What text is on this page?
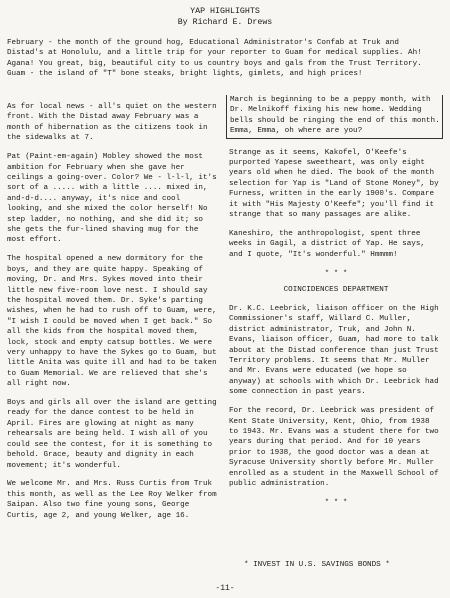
YAP HIGHLIGHTS
By Richard E. Drews
February - the month of the ground hog, Educational Administrator's Confab at Truk and Distad's at Honolulu, and a little trip for your reporter to Guam for medical supplies. Ah! Agana! You great, big, beautiful city to us country boys and gals from the Trust Territory. Guam - the island of "T" bone steaks, bright lights, gimlets, and high prices!

As for local news - all's quiet on the western front. With the Distad away February was a month of hibernation as the citizens took in the sidewalks at 7.

Pat (Paint-em-again) Mobley showed the most ambition for February when she gave her ceilings a going-over. Color? We - l-l-l, it's sort of a ..... with a little .... mixed in, and-d-d.... anyway, it's nice and cool looking, and she mixed the color herself! No step ladder, no nothing, and she did it; so she gets the fur-lined shaving mug for the most effort.

The hospital opened a new dormitory for the boys, and they are quite happy. Speaking of moving, Dr. and Mrs. Sykes moved into their little new five-room love nest. I should say the hospital moved them. Dr. Syke's parting wishes, when he had to rush off to Guam, were, "I wish I could be moved when I get back." So all the kids from the hospital moved them, lock, stock and empty catsup bottles. We were very unhappy to have the Sykes go to Guam, but little Anita was quite ill and had to be taken to Guam Memorial. We are relieved that she's all right now.

Boys and girls all over the island are getting ready for the dance contest to be held in April. Fires are glowing at night as many rehearsals are being held. I wish all of you could see the contest, for it is something to behold. Grace, beauty and dignity in each movement; it's wonderful.

We welcome Mr. and Mrs. Russ Curtis from Truk this month, as well as the Lee Roy Welker from Saipan. Also two fine young sons, George Curtis, age 2, and young Welker, age 16.

March is beginning to be a peppy month, with Dr. Melnikoff fixing his new home. Wedding bells should be ringing the end of this month. Emma, Emma, oh where are you?

Strange as it seems, Kakofel, O'Keefe's purported Yapese sweetheart, was only eight years old when he died. The book of the month selection for Yap is "Land of Stone Money", by Furness, written in the early 1900's. Compare it with "His Majesty O'Keefe"; you'll find it strange that so many passages are alike.

Kaneshiro, the anthropologist, spent three weeks in Gagil, a district of Yap. He says, and I quote, "It's wonderful." Hmmmm!

* * *

COINCIDENCES DEPARTMENT

Dr. K.C. Leebrick, liaison officer on the High Commissioner's staff, Willard C. Muller, district administrator, Truk, and John N. Evans, liaison officer, Guam, had more to talk about at the Distad conference than just Trust Territory problems. It seems that Mr. Muller and Mr. Evans were educated (we hope so anyway) at schools with which Dr. Leebrick had some connection in past years.

For the record, Dr. Leebrick was president of Kent State University, Kent, Ohio, from 1938 to 1943. Mr. Evans was a student there for two years during that period. And for 10 years prior to 1938, the good doctor was a dean at Syracuse University shortly before Mr. Muller enrolled as a student in the Maxwell School of public administration.

* * *

* INVEST IN U.S. SAVINGS BONDS *
-11-
